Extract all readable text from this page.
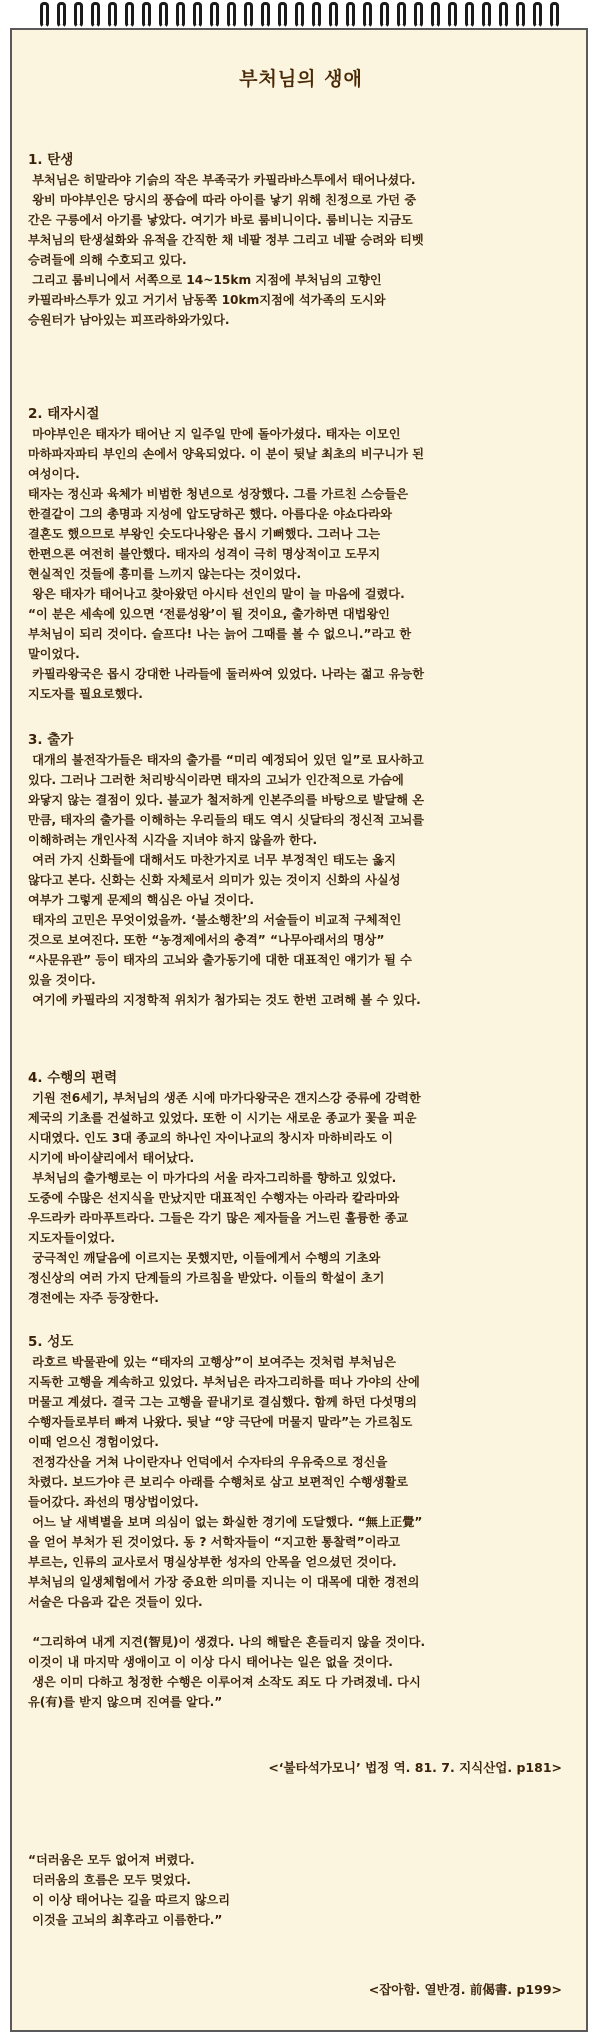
부처님의 생애
1. 탄생
부처님은 히말라야 기슭의 작은 부족국가 카필라바스투에서 태어나셨다.
왕비 마야부인은 당시의 풍습에 따라 아이를 낳기 위해 친정으로 가던 중
간은 구릉에서 아기를 낳았다. 여기가 바로 룸비니이다. 룸비니는 지금도
부처님의 탄생설화와 유적을 간직한 채 네팔 정부 그리고 네팔 승려와 티벳
승려들에 의해 수호되고 있다.
그리고 룸비니에서 서쪽으로 14~15km 지점에 부처님의 고향인
카필라바스투가 있고 거기서 남동쪽 10km지점에 석가족의 도시와
승원터가 남아있는 피프라하와가있다.
2. 태자시절
마야부인은 태자가 태어난 지 일주일 만에 돌아가셨다. 태자는 이모인
마하파자파티 부인의 손에서 양육되었다. 이 분이 뒷날 최초의 비구니가 된
여성이다.
태자는 정신과 육체가 비범한 청년으로 성장했다. 그를 가르친 스승들은
한결같이 그의 총명과 지성에 압도당하곤 했다. 아름다운 야쇼다라와
결혼도 했으므로 부왕인 숫도다나왕은 몹시 기뻐했다. 그러나 그는
한편으론 여전히 불안했다. 태자의 성격이 극히 명상적이고 도무지
현실적인 것들에 흥미를 느끼지 않는다는 것이었다.
왕은 태자가 태어나고 찾아왔던 아시타 선인의 말이 늘 마음에 걸렸다.
“이 분은 세속에 있으면 ‘전륜성왕’이 될 것이요, 출가하면 대법왕인
부처님이 되리 것이다. 슬프다! 나는 늙어 그때를 볼 수 없으니.”라고 한
말이었다.
카필라왕국은 몹시 강대한 나라들에 둘러싸여 있었다. 나라는 젊고 유능한
지도자를 필요로했다.
3. 출가
대개의 불전작가들은 태자의 출가를 “미리 예정되어 있던 일”로 묘사하고
있다. 그러나 그러한 처리방식이라면 태자의 고뇌가 인간적으로 가슴에
와닿지 않는 결점이 있다. 불교가 철저하게 인본주의를 바탕으로 발달해 온
만큼, 태자의 출가를 이해하는 우리들의 태도 역시 싯달타의 정신적 고뇌를
이해하려는 개인사적 시각을 지녀야 하지 않을까 한다.
여러 가지 신화들에 대해서도 마찬가지로 너무 부정적인 태도는 옳지
않다고 본다. 신화는 신화 자체로서 의미가 있는 것이지 신화의 사실성
여부가 그렇게 문제의 핵심은 아닐 것이다.
태자의 고민은 무엇이었을까. ‘불소행찬’의 서술들이 비교적 구체적인
것으로 보여진다. 또한 “농경제에서의 충격” “나무아래서의 명상”
“사문유관” 등이 태자의 고뇌와 출가동기에 대한 대표적인 얘기가 될 수
있을 것이다.
여기에 카필라의 지정학적 위치가 첨가되는 것도 한번 고려해 볼 수 있다.
4. 수행의 편력
기원 전6세기, 부처님의 생존 시에 마가다왕국은 갠지스강 중류에 강력한
제국의 기초를 건설하고 있었다. 또한 이 시기는 새로운 종교가 꽃을 피운
시대였다. 인도 3대 종교의 하나인 자이나교의 창시자 마하비라도 이
시기에 바이샬리에서 태어났다.
부처님의 출가행로는 이 마가다의 서울 라자그리하를 향하고 있었다.
도중에 수많은 선지식을 만났지만 대표적인 수행자는 아라라 칼라마와
우드라카 라마푸트라다. 그들은 각기 많은 제자들을 거느린 훌륭한 종교
지도자들이었다.
궁극적인 깨달음에 이르지는 못했지만, 이들에게서 수행의 기초와
정신상의 여러 가지 단계들의 가르침을 받았다. 이들의 학설이 초기
경전에는 자주 등장한다.
5. 성도
라호르 박물관에 있는 “태자의 고행상”이 보여주는 것처럼 부처님은
지독한 고행을 계속하고 있었다. 부처님은 라자그리하를 떠나 가야의 산에
머물고 계셨다. 결국 그는 고행을 끝내기로 결심했다. 함께 하던 다섯명의
수행자들로부터 빠져 나왔다. 뒷날 “양 극단에 머물지 말라”는 가르침도
이때 얻으신 경험이었다.
전정각산을 거쳐 나이란자나 언덕에서 수자타의 우유죽으로 정신을
차렸다. 보드가야 큰 보리수 아래를 수행처로 삼고 보편적인 수행생활로
들어갔다. 좌선의 명상법이었다.
어느 날 새벽별을 보며 의심이 없는 화실한 경기에 도달했다. “無上正覺”
을 얻어 부처가 된 것이었다. 동 ? 서학자들이 “지고한 통찰력”이라고
부르는, 인류의 교사로서 명실상부한 성자의 안목을 얻으셨던 것이다.
부처님의 일생체험에서 가장 중요한 의미를 지니는 이 대목에 대한 경전의
서술은 다음과 같은 것들이 있다.

“그리하여 내게 지견(智見)이 생겼다. 나의 해탈은 흔들리지 않을 것이다.
이것이 내 마지막 생애이고 이 이상 다시 태어나는 일은 없을 것이다.
생은 이미 다하고 청정한 수행은 이루어져 소작도 죄도 다 가려졌네. 다시
유(有)를 받지 않으며 진여를 알다.”
<‘불타석가모니’ 법정 역. 81. 7. 지식산업. p181>
“더러움은 모두 없어져 버렸다.
더러움의 흐름은 모두 멎었다.
이 이상 태어나는 길을 따르지 않으리
이것을 고뇌의 최후라고 이름한다.”
<잡아함. 열반경. 前偈書. p199>
